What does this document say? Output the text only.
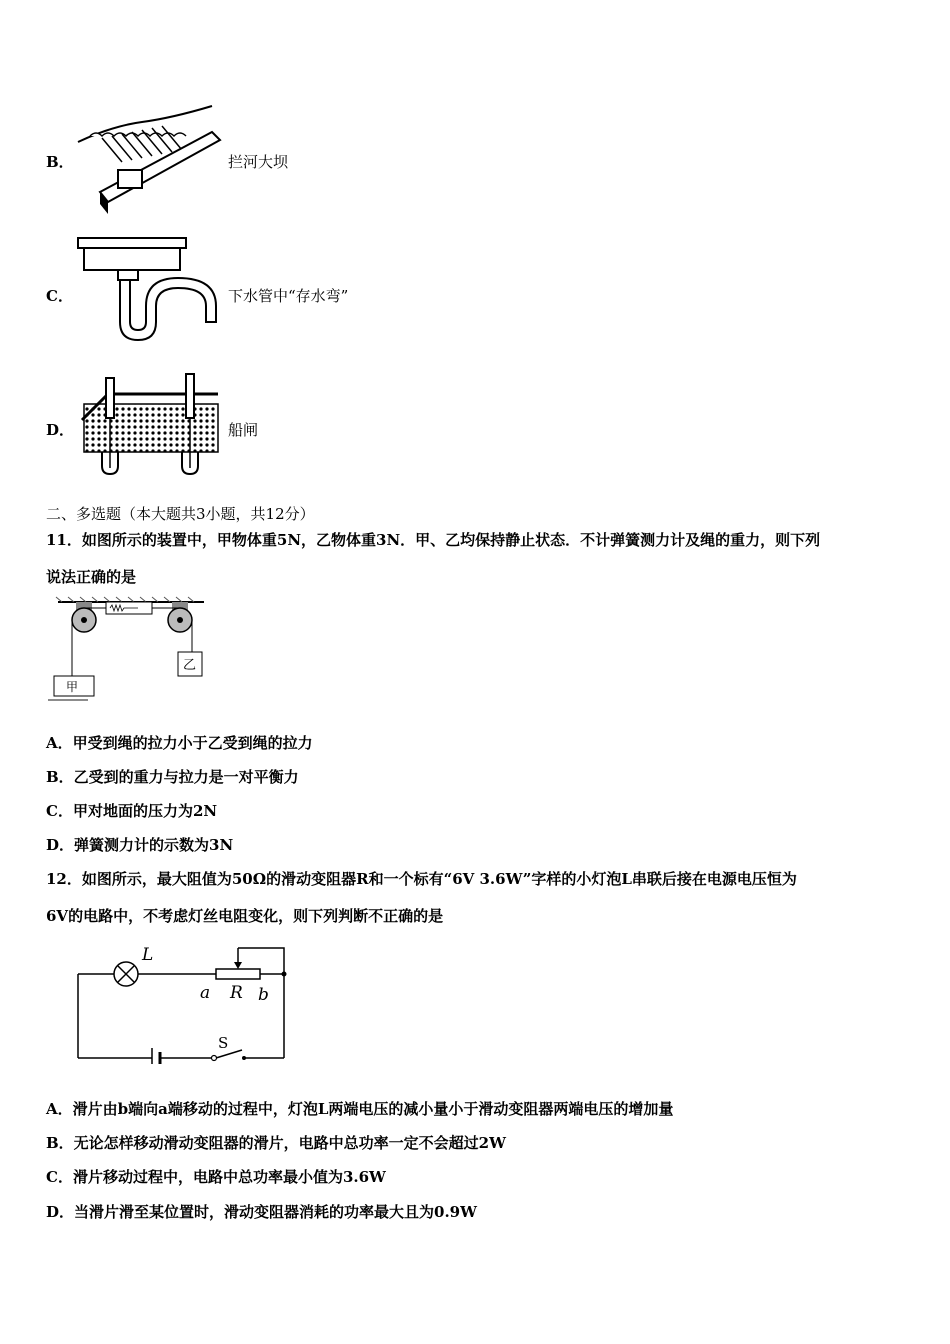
B．	拦河大坝
C．	下水管中“存水弯”
D．	船闸
二、多选题（本大题共3小题，共12分）
11．如图所示的装置中，甲物体重5N，乙物体重3N．甲、乙均保持静止状态．不计弹簧测力计及绳的重力，则下列
说法正确的是
甲
乙
A．甲受到绳的拉力小于乙受到绳的拉力
B．乙受到的重力与拉力是一对平衡力
C．甲对地面的压力为2N
D．弹簧测力计的示数为3N
12．如图所示，最大阻值为50Ω的滑动变阻器R和一个标有“6V 3.6W”字样的小灯泡L串联后接在电源电压恒为
6V的电路中，不考虑灯丝电阻变化，则下列判断不正确的是
L
a R b
S
A．滑片由b端向a端移动的过程中，灯泡L两端电压的减小量小于滑动变阻器两端电压的增加量
B．无论怎样移动滑动变阻器的滑片，电路中总功率一定不会超过2W
C．滑片移动过程中，电路中总功率最小值为3.6W
D．当滑片滑至某位置时，滑动变阻器消耗的功率最大且为0.9W
